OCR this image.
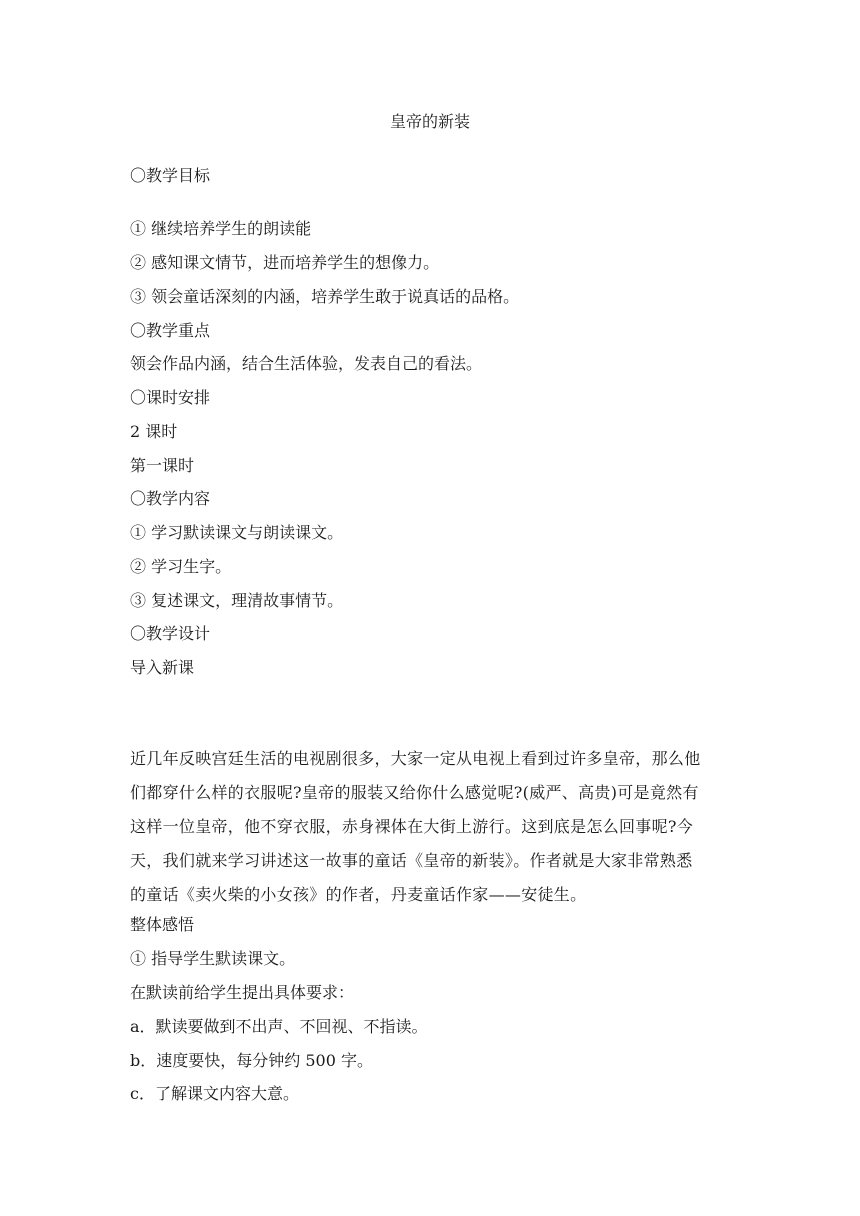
皇帝的新装
〇教学目标
① 继续培养学生的朗读能
② 感知课文情节，进而培养学生的想像力。
③ 领会童话深刻的内涵，培养学生敢于说真话的品格。
〇教学重点
领会作品内涵，结合生活体验，发表自己的看法。
〇课时安排
2 课时
第一课时
〇教学内容
① 学习默读课文与朗读课文。
② 学习生字。
③ 复述课文，理清故事情节。
〇教学设计
导入新课
近几年反映宫廷生活的电视剧很多，大家一定从电视上看到过许多皇帝，那么他
们都穿什么样的衣服呢?皇帝的服装又给你什么感觉呢?(威严、高贵)可是竟然有
这样一位皇帝，他不穿衣服，赤身裸体在大街上游行。这到底是怎么回事呢?今
天，我们就来学习讲述这一故事的童话《皇帝的新装》。作者就是大家非常熟悉
的童话《卖火柴的小女孩》的作者，丹麦童话作家——安徒生。
整体感悟
① 指导学生默读课文。
在默读前给学生提出具体要求：
a．默读要做到不出声、不回视、不指读。
b．速度要快，每分钟约 500 字。
c．了解课文内容大意。
